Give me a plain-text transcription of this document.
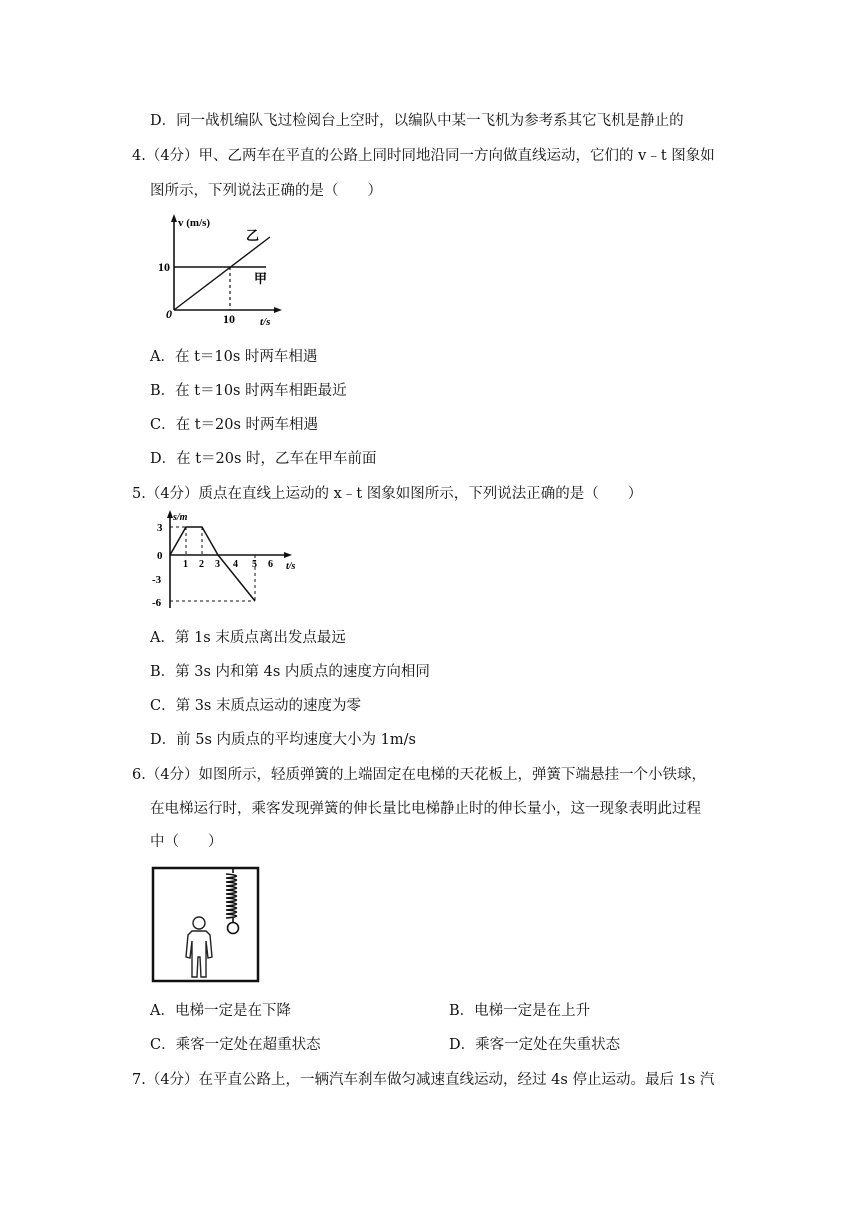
D．同一战机编队飞过检阅台上空时，以编队中某一飞机为参考系其它飞机是静止的
4.（4分）甲、乙两车在平直的公路上同时同地沿同一方向做直线运动，它们的 v﹣t 图象如
图所示，下列说法正确的是（　　）
v (m/s)
t/s
0
10
10
甲
乙
A．在 t＝10s 时两车相遇
B．在 t＝10s 时两车相距最近
C．在 t＝20s 时两车相遇
D．在 t＝20s 时，乙车在甲车前面
5.（4分）质点在直线上运动的 x﹣t 图象如图所示，下列说法正确的是（　　）
s/m
t/s
3
0
-3
-6
1 2 3 4 5 6
A．第 1s 末质点离出发点最远
B．第 3s 内和第 4s 内质点的速度方向相同
C．第 3s 末质点运动的速度为零
D．前 5s 内质点的平均速度大小为 1m/s
6.（4分）如图所示，轻质弹簧的上端固定在电梯的天花板上，弹簧下端悬挂一个小铁球，
在电梯运行时，乘客发现弹簧的伸长量比电梯静止时的伸长量小，这一现象表明此过程
中（　　）
A．电梯一定是在下降	B．电梯一定是在上升
C．乘客一定处在超重状态	D．乘客一定处在失重状态
7.（4分）在平直公路上，一辆汽车刹车做匀减速直线运动，经过 4s 停止运动。最后 1s 汽
